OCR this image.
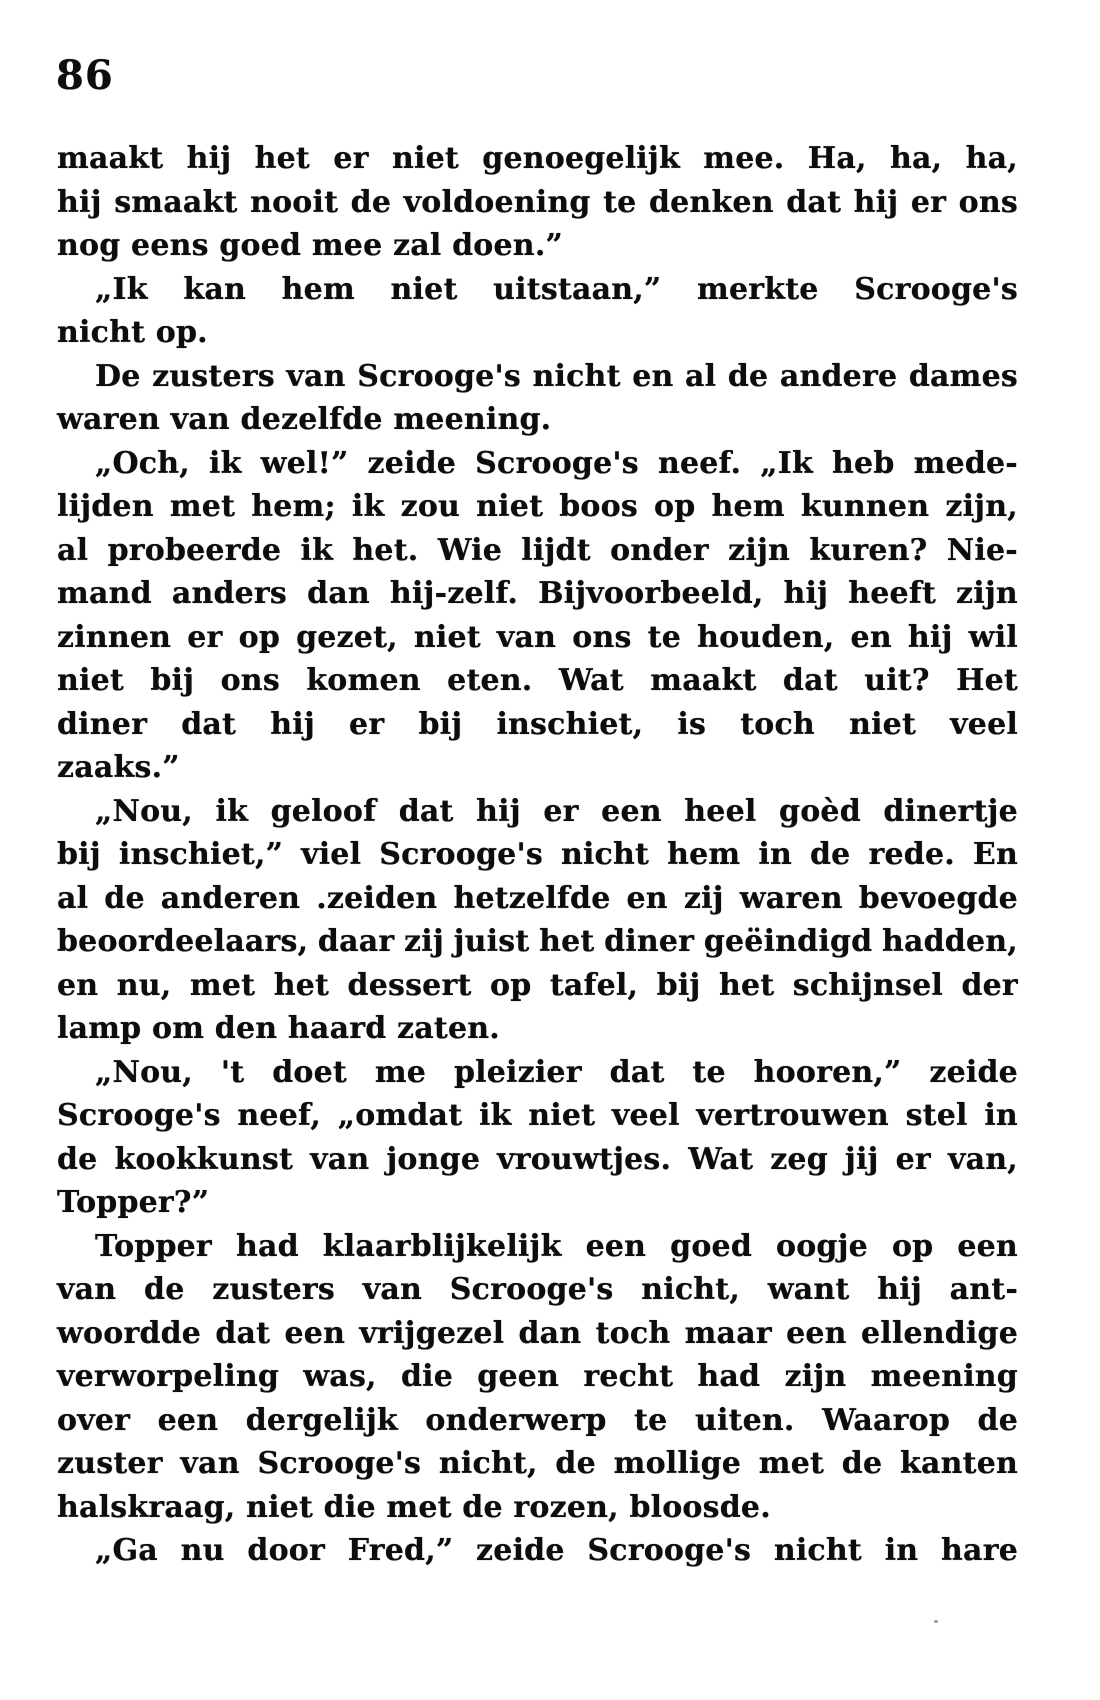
86
maakt hij het er niet genoegelijk mee. Ha, ha, ha,
hij smaakt nooit de voldoening te denken dat hij er ons
nog eens goed mee zal doen.”
„Ik kan hem niet uitstaan,” merkte Scrooge's
nicht op.
De zusters van Scrooge's nicht en al de andere dames
waren van dezelfde meening.
„Och, ik wel!” zeide Scrooge's neef. „Ik heb mede-
lijden met hem; ik zou niet boos op hem kunnen zijn,
al probeerde ik het. Wie lijdt onder zijn kuren? Nie-
mand anders dan hij-zelf. Bijvoorbeeld, hij heeft zijn
zinnen er op gezet, niet van ons te houden, en hij wil
niet bij ons komen eten. Wat maakt dat uit? Het
diner dat hij er bij inschiet, is toch niet veel
zaaks.”
„Nou, ik geloof dat hij er een heel goèd dinertje
bij inschiet,” viel Scrooge's nicht hem in de rede. En
al de anderen .zeiden hetzelfde en zij waren bevoegde
beoordeelaars, daar zij juist het diner geëindigd hadden,
en nu, met het dessert op tafel, bij het schijnsel der
lamp om den haard zaten.
„Nou, 't doet me pleizier dat te hooren,” zeide
Scrooge's neef, „omdat ik niet veel vertrouwen stel in
de kookkunst van jonge vrouwtjes. Wat zeg jij er van,
Topper?”
Topper had klaarblijkelijk een goed oogje op een
van de zusters van Scrooge's nicht, want hij ant-
woordde dat een vrijgezel dan toch maar een ellendige
verworpeling was, die geen recht had zijn meening
over een dergelijk onderwerp te uiten. Waarop de
zuster van Scrooge's nicht, de mollige met de kanten
halskraag, niet die met de rozen, bloosde.
„Ga nu door Fred,” zeide Scrooge's nicht in hare
